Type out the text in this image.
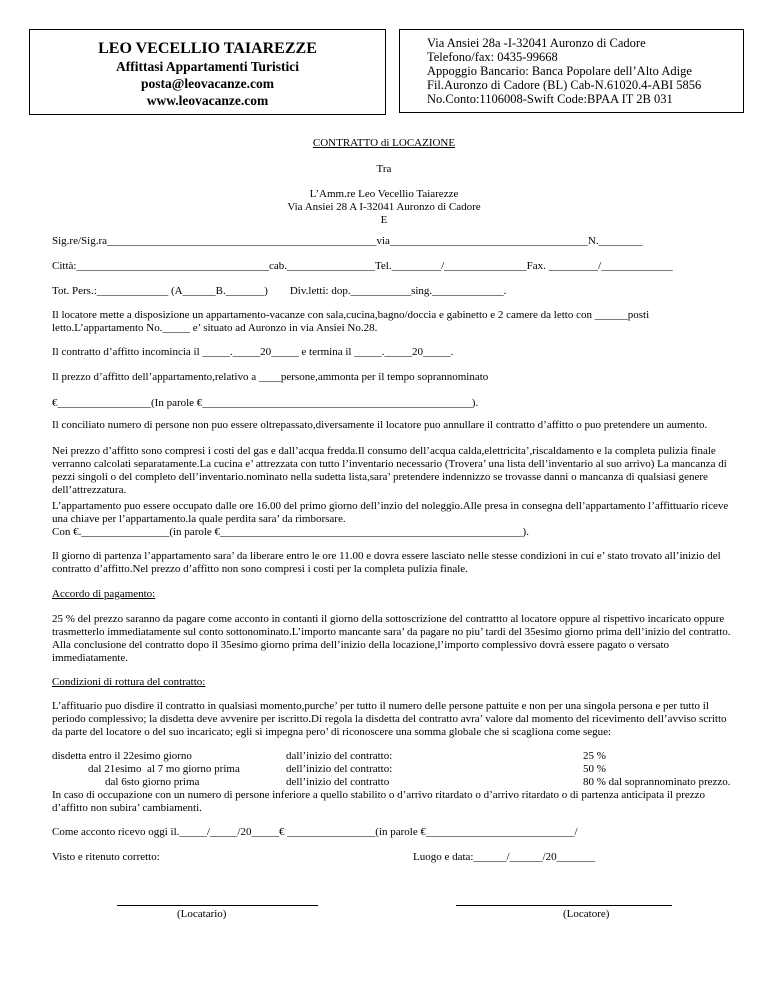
LEO VECELLIO TAIAREZZE
Affittasi Appartamenti Turistici
posta@leovacanze.com
www.leovacanze.com
Via Ansiei 28a -I-32041 Auronzo di Cadore
Telefono/fax: 0435-99668
Appoggio Bancario: Banca Popolare dell’Alto Adige
Fil.Auronzo di Cadore (BL) Cab-N.61020.4-ABI 5856
No.Conto:1106008-Swift Code:BPAA IT 2B 031
CONTRATTO di LOCAZIONE
Tra
L’Amm.re Leo Vecellio Taiarezze
Via Ansiei 28 A I-32041 Auronzo di Cadore
E
Sig.re/Sig.ra_________________________________________________via____________________________________N.________
Città:___________________________________cab.________________Tel._________/_______________Fax. _________/_____________
Tot. Pers.:_____________ (A______B._______)        Div.letti: dop.___________sing._____________.
Il locatore mette a disposizione un appartamento-vacanze con sala,cucina,bagno/doccia e gabinetto e 2 camere da letto con ______posti letto.L’appartamento No._____ e’ situato ad Auronzo in via Ansiei No.28.
Il contratto d’affitto incomincia il _____._____20_____ e termina il _____._____20_____.
Il prezzo d’affitto dell’appartamento,relativo a ____persone,ammonta per il tempo soprannominato
€_________________(In parole €_________________________________________________).
Il conciliato numero di persone non puo essere oltrepassato,diversamente il locatore puo annullare il contratto d’affitto o puo pretendere un aumento.
Nei prezzo d’affitto sono compresi i costi del gas e dall’acqua fredda.Il consumo dell’acqua calda,elettricita’,riscaldamento e la completa pulizia finale verranno calcolati separatamente.La cucina e’ attrezzata con tutto l’inventario necessario (Trovera’ una lista dell’inventario al suo arrivo) La mancanza di pezzi singoli o del completo dell’inventario.nominato nella sudetta lista,sara’ pretendere indennizzo se trovasse danni o mancanza di qualsiasi genere dell’attrezzatura.
L’appartamento puo essere occupato dalle ore 16.00 del primo giorno dell’inzio del noleggio.Alle presa in consegna dell’appartamento l’affittuario riceve una chiave per l’appartamento.la quale perdita sara’ da rimborsare.
Con €.________________(in parole €_______________________________________________________).
Il giorno di partenza l’appartamento sara’ da liberare entro le ore 11.00 e dovra essere lasciato nelle stesse condizioni in cui e’ stato trovato all’inizio del contratto d’affitto.Nel prezzo d’affitto non sono compresi i costi per la completa pulizia finale.
Accordo di pagamento:
25 % del prezzo saranno da pagare come acconto in contanti il giorno della sottoscrizione del contrattto al locatore oppure al rispettivo incaricato oppure trasmetterlo immediatamente sul conto sottonominato.L’importo mancante sara’ da pagare no piu’ tardi del 35esimo giorno prima dell’inizio del contratto. Alla conclusione del contratto dopo il 35esimo giorno prima dell’inizio della locazione,l’importo complessivo dovrà essere pagato o versato immediatamente.
Condizioni di rottura del contratto:
L’affituario puo disdire il contratto in qualsiasi momento,purche’ per tutto il numero delle persone pattuite e non per una singola persona e per tutto il periodo complessivo; la disdetta deve avvenire per iscritto.Di regola la disdetta del contratto avra’ valore dal momento del ricevimento dell’avviso scritto da parte del locatore o del suo incaricato; egli si impegna pero’ di riconoscere una somma globale che si scagliona come segue:
disdetta entro il 22esimo giorno	dall’inizio del contratto:	25 %
dal 21esimo  al 7 mo giorno prima	dell’inizio del contratto:	50 %
dal 6sto giorno prima	dell’inizio del contratto	80 % dal soprannominato prezzo.
In caso di occupazione con un numero di persone inferiore a quello stabilito o d’arrivo ritardato o d’arrivo ritardato o di partenza anticipata il prezzo d’affitto non subira’ cambiamenti.
Come acconto ricevo oggi il._____/_____/20_____€ ________________(in parole €___________________________/
Visto e ritenuto corretto:	Luogo e data:______/______/20_______
(Locatario)	(Locatore)
